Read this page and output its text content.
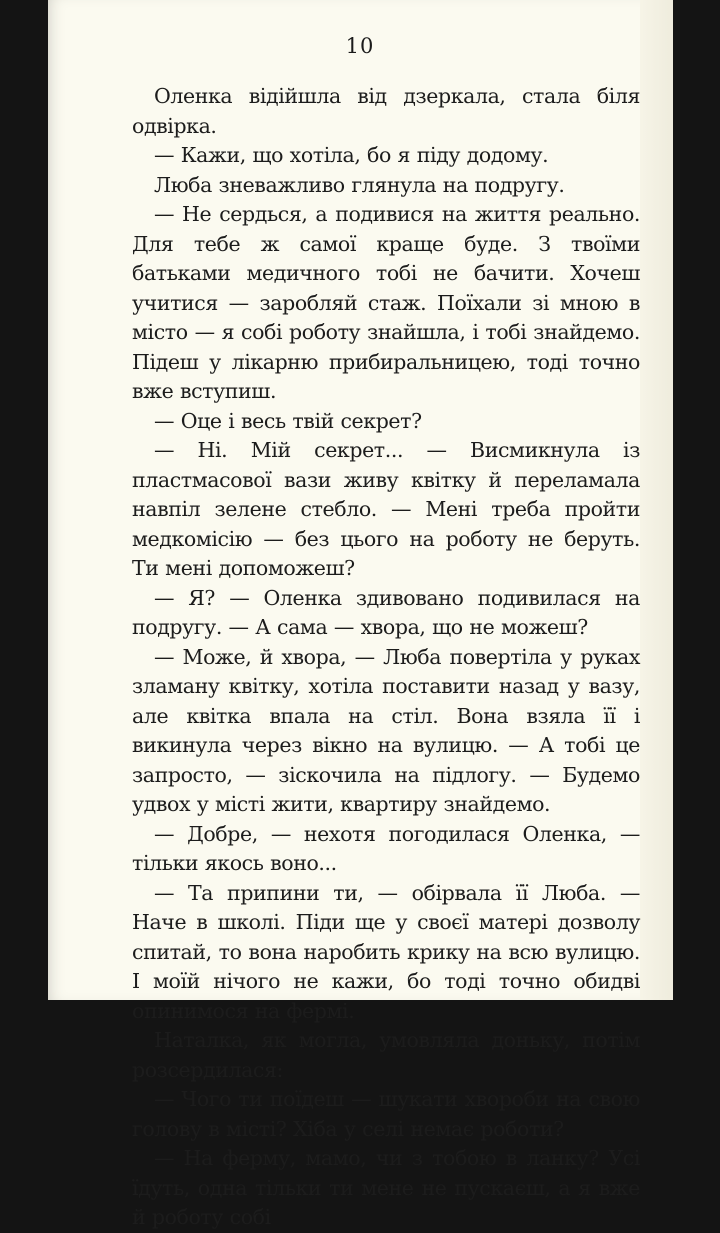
10

Оленка відійшла від дзеркала, стала біля одвірка.

— Кажи, що хотіла, бо я піду додому.

Люба зневажливо глянула на подругу.

— Не сердься, а подивися на життя реально. Для тебе ж самої краще буде. З твоїми батьками медичного тобі не бачити. Хочеш учитися — заробляй стаж. Поїхали зі мною в місто — я собі роботу знайшла, і тобі знайдемо. Підеш у лікарню прибиральницею, тоді точно вже вступиш.

— Оце і весь твій секрет?

— Ні. Мій секрет... — Висмикнула із пластмасової вази живу квітку й переламала навпіл зелене стебло. — Мені треба пройти медкомісію — без цього на роботу не беруть. Ти мені допоможеш?

— Я? — Оленка здивовано подивилася на подругу. — А сама — хвора, що не можеш?

— Може, й хвора, — Люба повертіла у руках зламану квітку, хотіла поставити назад у вазу, але квітка впала на стіл. Вона взяла її і викинула через вікно на вулицю. — А тобі це запросто, — зіскочила на підлогу. — Будемо удвох у місті жити, квартиру знайдемо.

— Добре, — нехотя погодилася Оленка, — тільки якось воно...

— Та припини ти, — обірвала її Люба. — Наче в школі. Піди ще у своєї матері дозволу спитай, то вона наробить крику на всю вулицю. І моїй нічого не кажи, бо тоді точно обидві опинимося на фермі.

Наталка, як могла, умовляла доньку, потім розсердилася:

— Чого ти поїдеш — шукати хвороби на свою голову в місті? Хіба у селі немає роботи?

— На ферму, мамо, чи з тобою в ланку? Усі їдуть, одна тільки ти мене не пускаєш, а я вже й роботу собі
